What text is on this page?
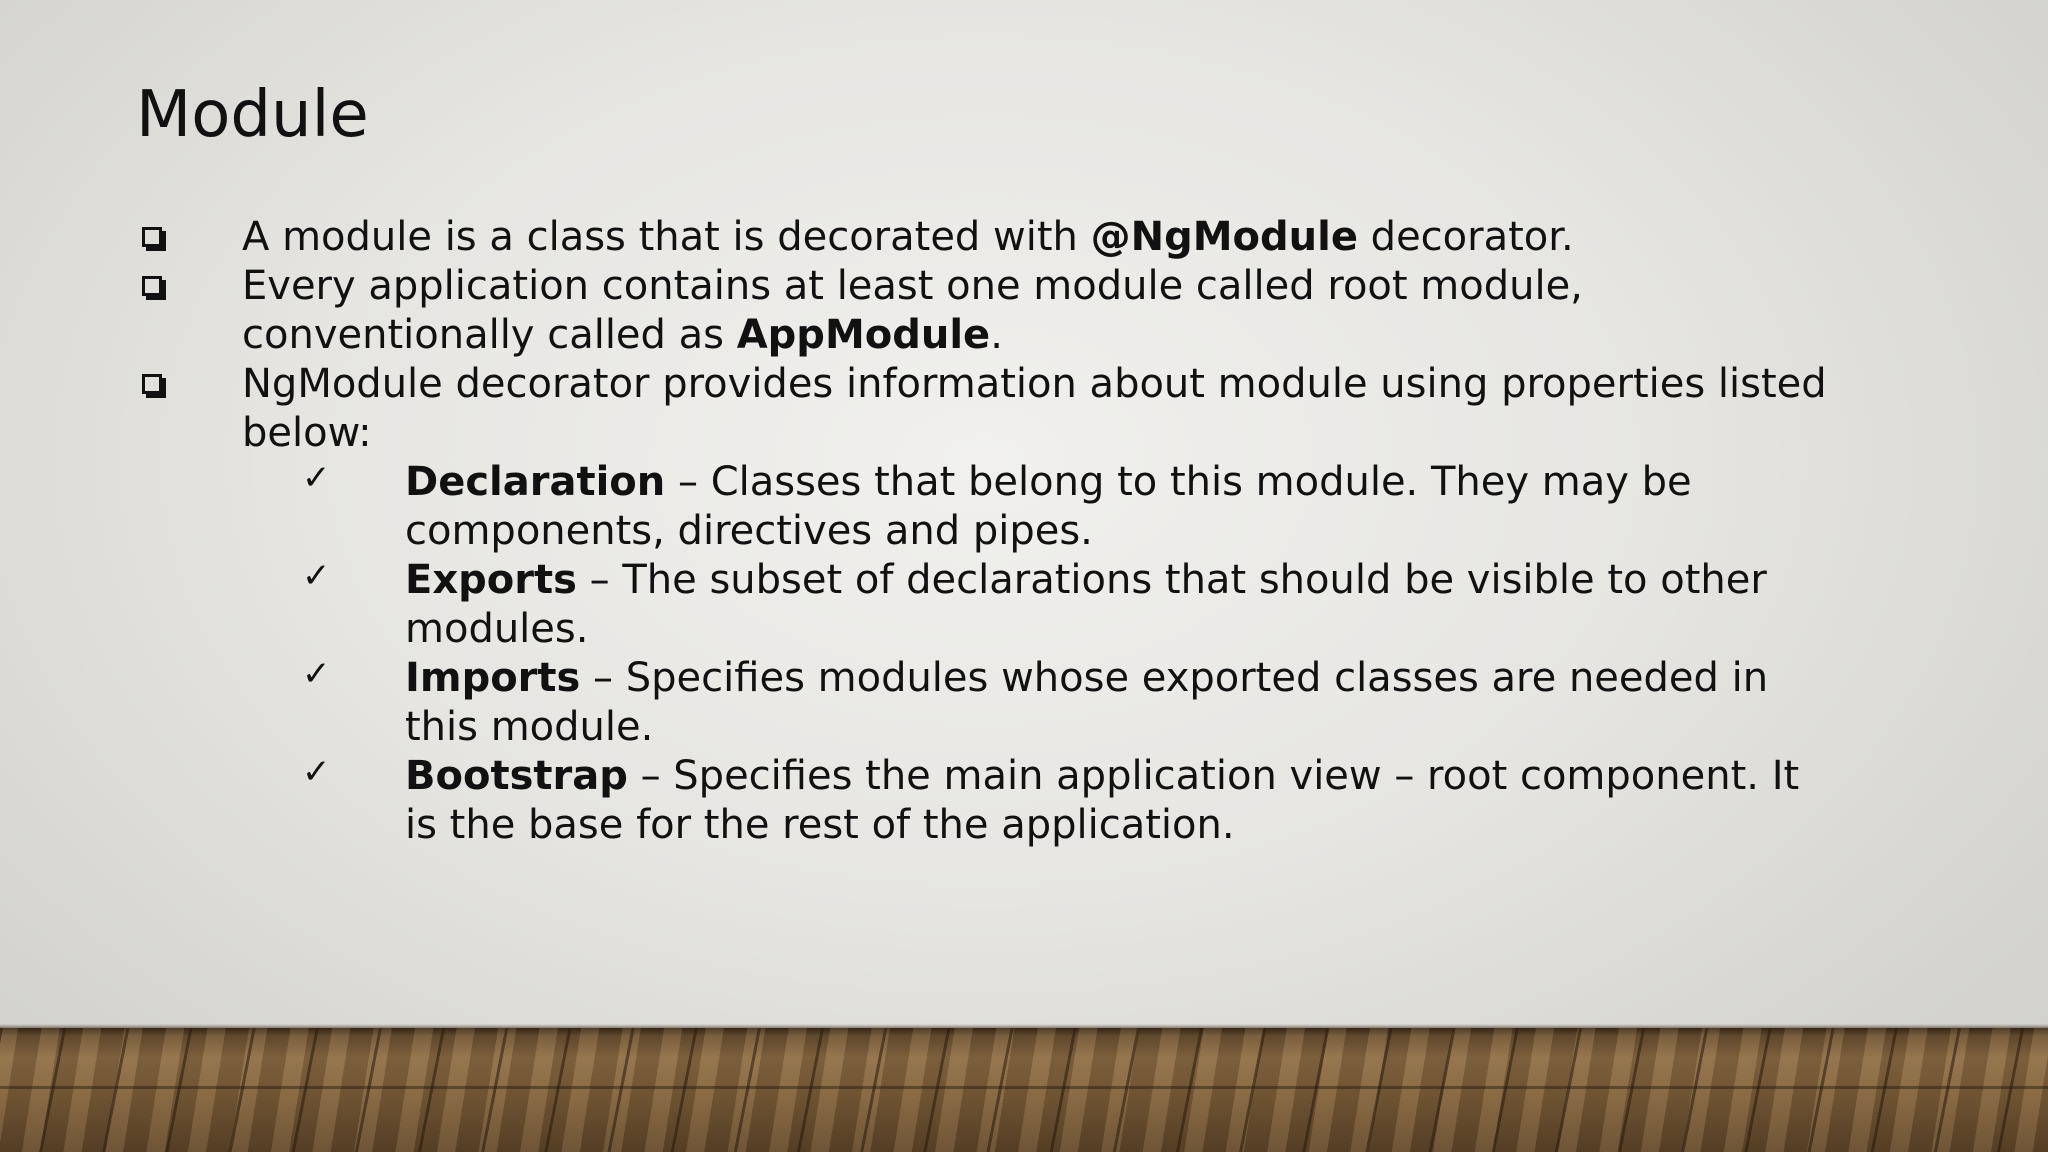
Module
A module is a class that is decorated with @NgModule decorator.
Every application contains at least one module called root module,
conventionally called as AppModule.
NgModule decorator provides information about module using properties listed
below:
✓ Declaration – Classes that belong to this module. They may be
components, directives and pipes.
✓ Exports – The subset of declarations that should be visible to other
modules.
✓ Imports – Specifies modules whose exported classes are needed in
this module.
✓ Bootstrap – Specifies the main application view – root component. It
is the base for the rest of the application.
